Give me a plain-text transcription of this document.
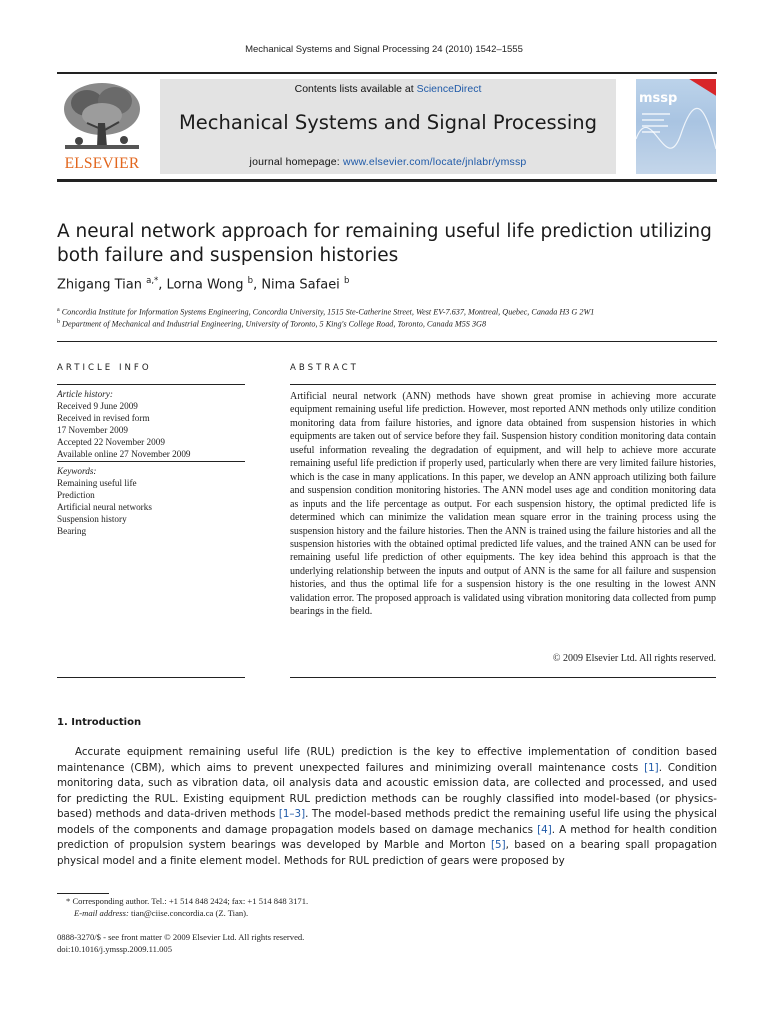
Mechanical Systems and Signal Processing 24 (2010) 1542–1555
ELSEVIER
Contents lists available at ScienceDirect
Mechanical Systems and Signal Processing
journal homepage: www.elsevier.com/locate/jnlabr/ymssp
mssp
A neural network approach for remaining useful life prediction utilizing both failure and suspension histories
Zhigang Tian $^{a,*}$, Lorna Wong $^b$, Nima Safaei $^b$
$^a$ Concordia Institute for Information Systems Engineering, Concordia University, 1515 Ste-Catherine Street, West EV-7.637, Montreal, Quebec, Canada H3 G 2W1
$^b$ Department of Mechanical and Industrial Engineering, University of Toronto, 5 King's College Road, Toronto, Canada M5S 3G8
ARTICLE INFO	ABSTRACT
Article history:
Received 9 June 2009
Received in revised form
17 November 2009
Accepted 22 November 2009
Available online 27 November 2009
Keywords:
Remaining useful life
Prediction
Artificial neural networks
Suspension history
Bearing
Artificial neural network (ANN) methods have shown great promise in achieving more accurate equipment remaining useful life prediction. However, most reported ANN methods only utilize condition monitoring data from failure histories, and ignore data obtained from suspension histories in which equipments are taken out of service before they fail. Suspension history condition monitoring data contain useful information revealing the degradation of equipment, and will help to achieve more accurate remaining useful life prediction if properly used, particularly when there are very limited failure histories, which is the case in many applications. In this paper, we develop an ANN approach utilizing both failure and suspension condition monitoring histories. The ANN model uses age and condition monitoring data as inputs and the life percentage as output. For each suspension history, the optimal predicted life is determined which can minimize the validation mean square error in the training process using the suspension history and the failure histories. Then the ANN is trained using the failure histories and all the suspension histories with the obtained optimal predicted life values, and the trained ANN can be used for remaining useful life prediction of other equipments. The key idea behind this approach is that the underlying relationship between the inputs and output of ANN is the same for all failure and suspension histories, and thus the optimal life for a suspension history is the one resulting in the lowest ANN validation error. The proposed approach is validated using vibration monitoring data collected from pump bearings in the field.
© 2009 Elsevier Ltd. All rights reserved.
1. Introduction
Accurate equipment remaining useful life (RUL) prediction is the key to effective implementation of condition based maintenance (CBM), which aims to prevent unexpected failures and minimizing overall maintenance costs [1]. Condition monitoring data, such as vibration data, oil analysis data and acoustic emission data, are collected and processed, and used for predicting the RUL. Existing equipment RUL prediction methods can be roughly classified into model-based (or physics-based) methods and data-driven methods [1–3]. The model-based methods predict the remaining useful life using the physical models of the components and damage propagation models based on damage mechanics [4]. A method for health condition prediction of propulsion system bearings was developed by Marble and Morton [5], based on a bearing spall propagation physical model and a finite element model. Methods for RUL prediction of gears were proposed by
* Corresponding author. Tel.: +1 514 848 2424; fax: +1 514 848 3171.
E-mail address: tian@ciise.concordia.ca (Z. Tian).
0888-3270/$ - see front matter © 2009 Elsevier Ltd. All rights reserved.
doi:10.1016/j.ymssp.2009.11.005
